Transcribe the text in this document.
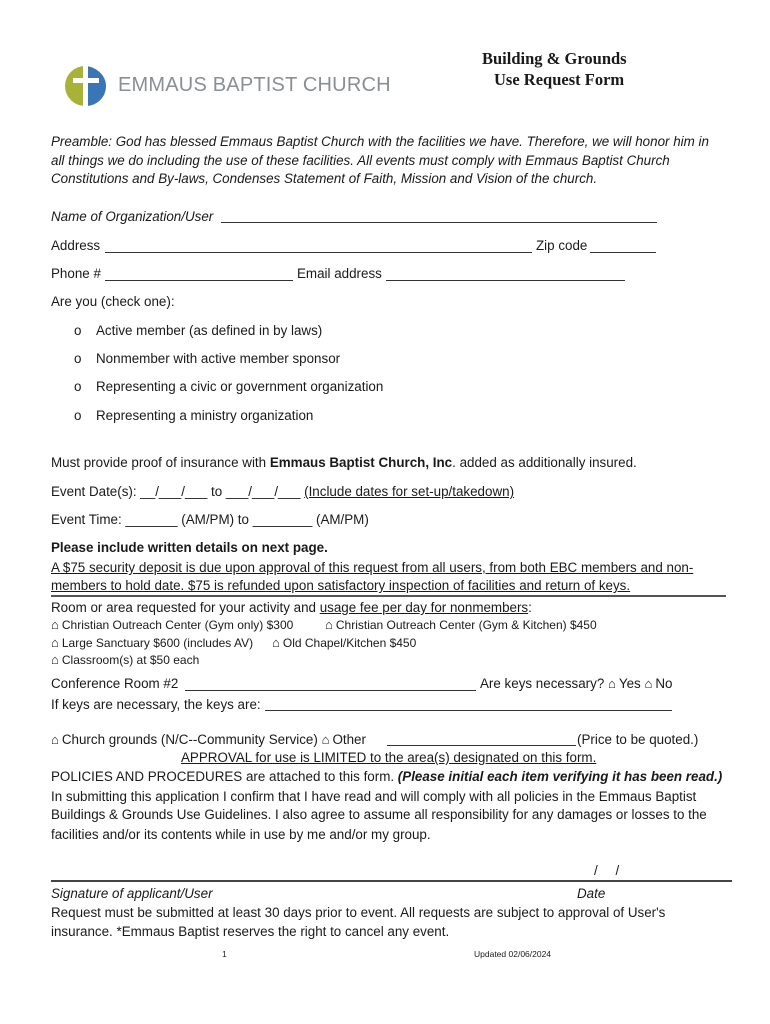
EMMAUS BAPTIST CHURCH
Building & Grounds
Use Request Form
Preamble: God has blessed Emmaus Baptist Church with the facilities we have. Therefore, we will honor him in
all things we do including the use of these facilities. All events must comply with Emmaus Baptist Church
Constitutions and By-laws, Condenses Statement of Faith, Mission and Vision of the church.
Name of Organization/User
Address	Zip code
Phone #	Email address
Are you (check one):
o Active member (as defined in by laws)
o Nonmember with active member sponsor
o Representing a civic or government organization
o Representing a ministry organization
Must provide proof of insurance with Emmaus Baptist Church, Inc. added as additionally insured.
Event Date(s): __/___/___ to ___/___/___ (Include dates for set-up/takedown)
Event Time: _______ (AM/PM) to ________ (AM/PM)
Please include written details on next page.
A $75 security deposit is due upon approval of this request from all users, from both EBC members and non-
members to hold date. $75 is refunded upon satisfactory inspection of facilities and return of keys.
Room or area requested for your activity and usage fee per day for nonmembers:
⌂ Christian Outreach Center (Gym only) $300 ⌂ Christian Outreach Center (Gym & Kitchen) $450
⌂ Large Sanctuary $600 (includes AV) ⌂ Old Chapel/Kitchen $450
⌂ Classroom(s) at $50 each
Conference Room #2	Are keys necessary? ⌂ Yes ⌂ No
If keys are necessary, the keys are:
⌂ Church grounds (N/C--Community Service) ⌂ Other	(Price to be quoted.)
APPROVAL for use is LIMITED to the area(s) designated on this form.
POLICIES AND PROCEDURES are attached to this form. (Please initial each item verifying it has been read.)
In submitting this application I confirm that I have read and will comply with all policies in the Emmaus Baptist
Buildings & Grounds Use Guidelines. I also agree to assume all responsibility for any damages or losses to the
facilities and/or its contents while in use by me and/or my group.
/ /
Signature of applicant/User	Date
Request must be submitted at least 30 days prior to event. All requests are subject to approval of User's
insurance. *Emmaus Baptist reserves the right to cancel any event.
1	Updated 02/06/2024
